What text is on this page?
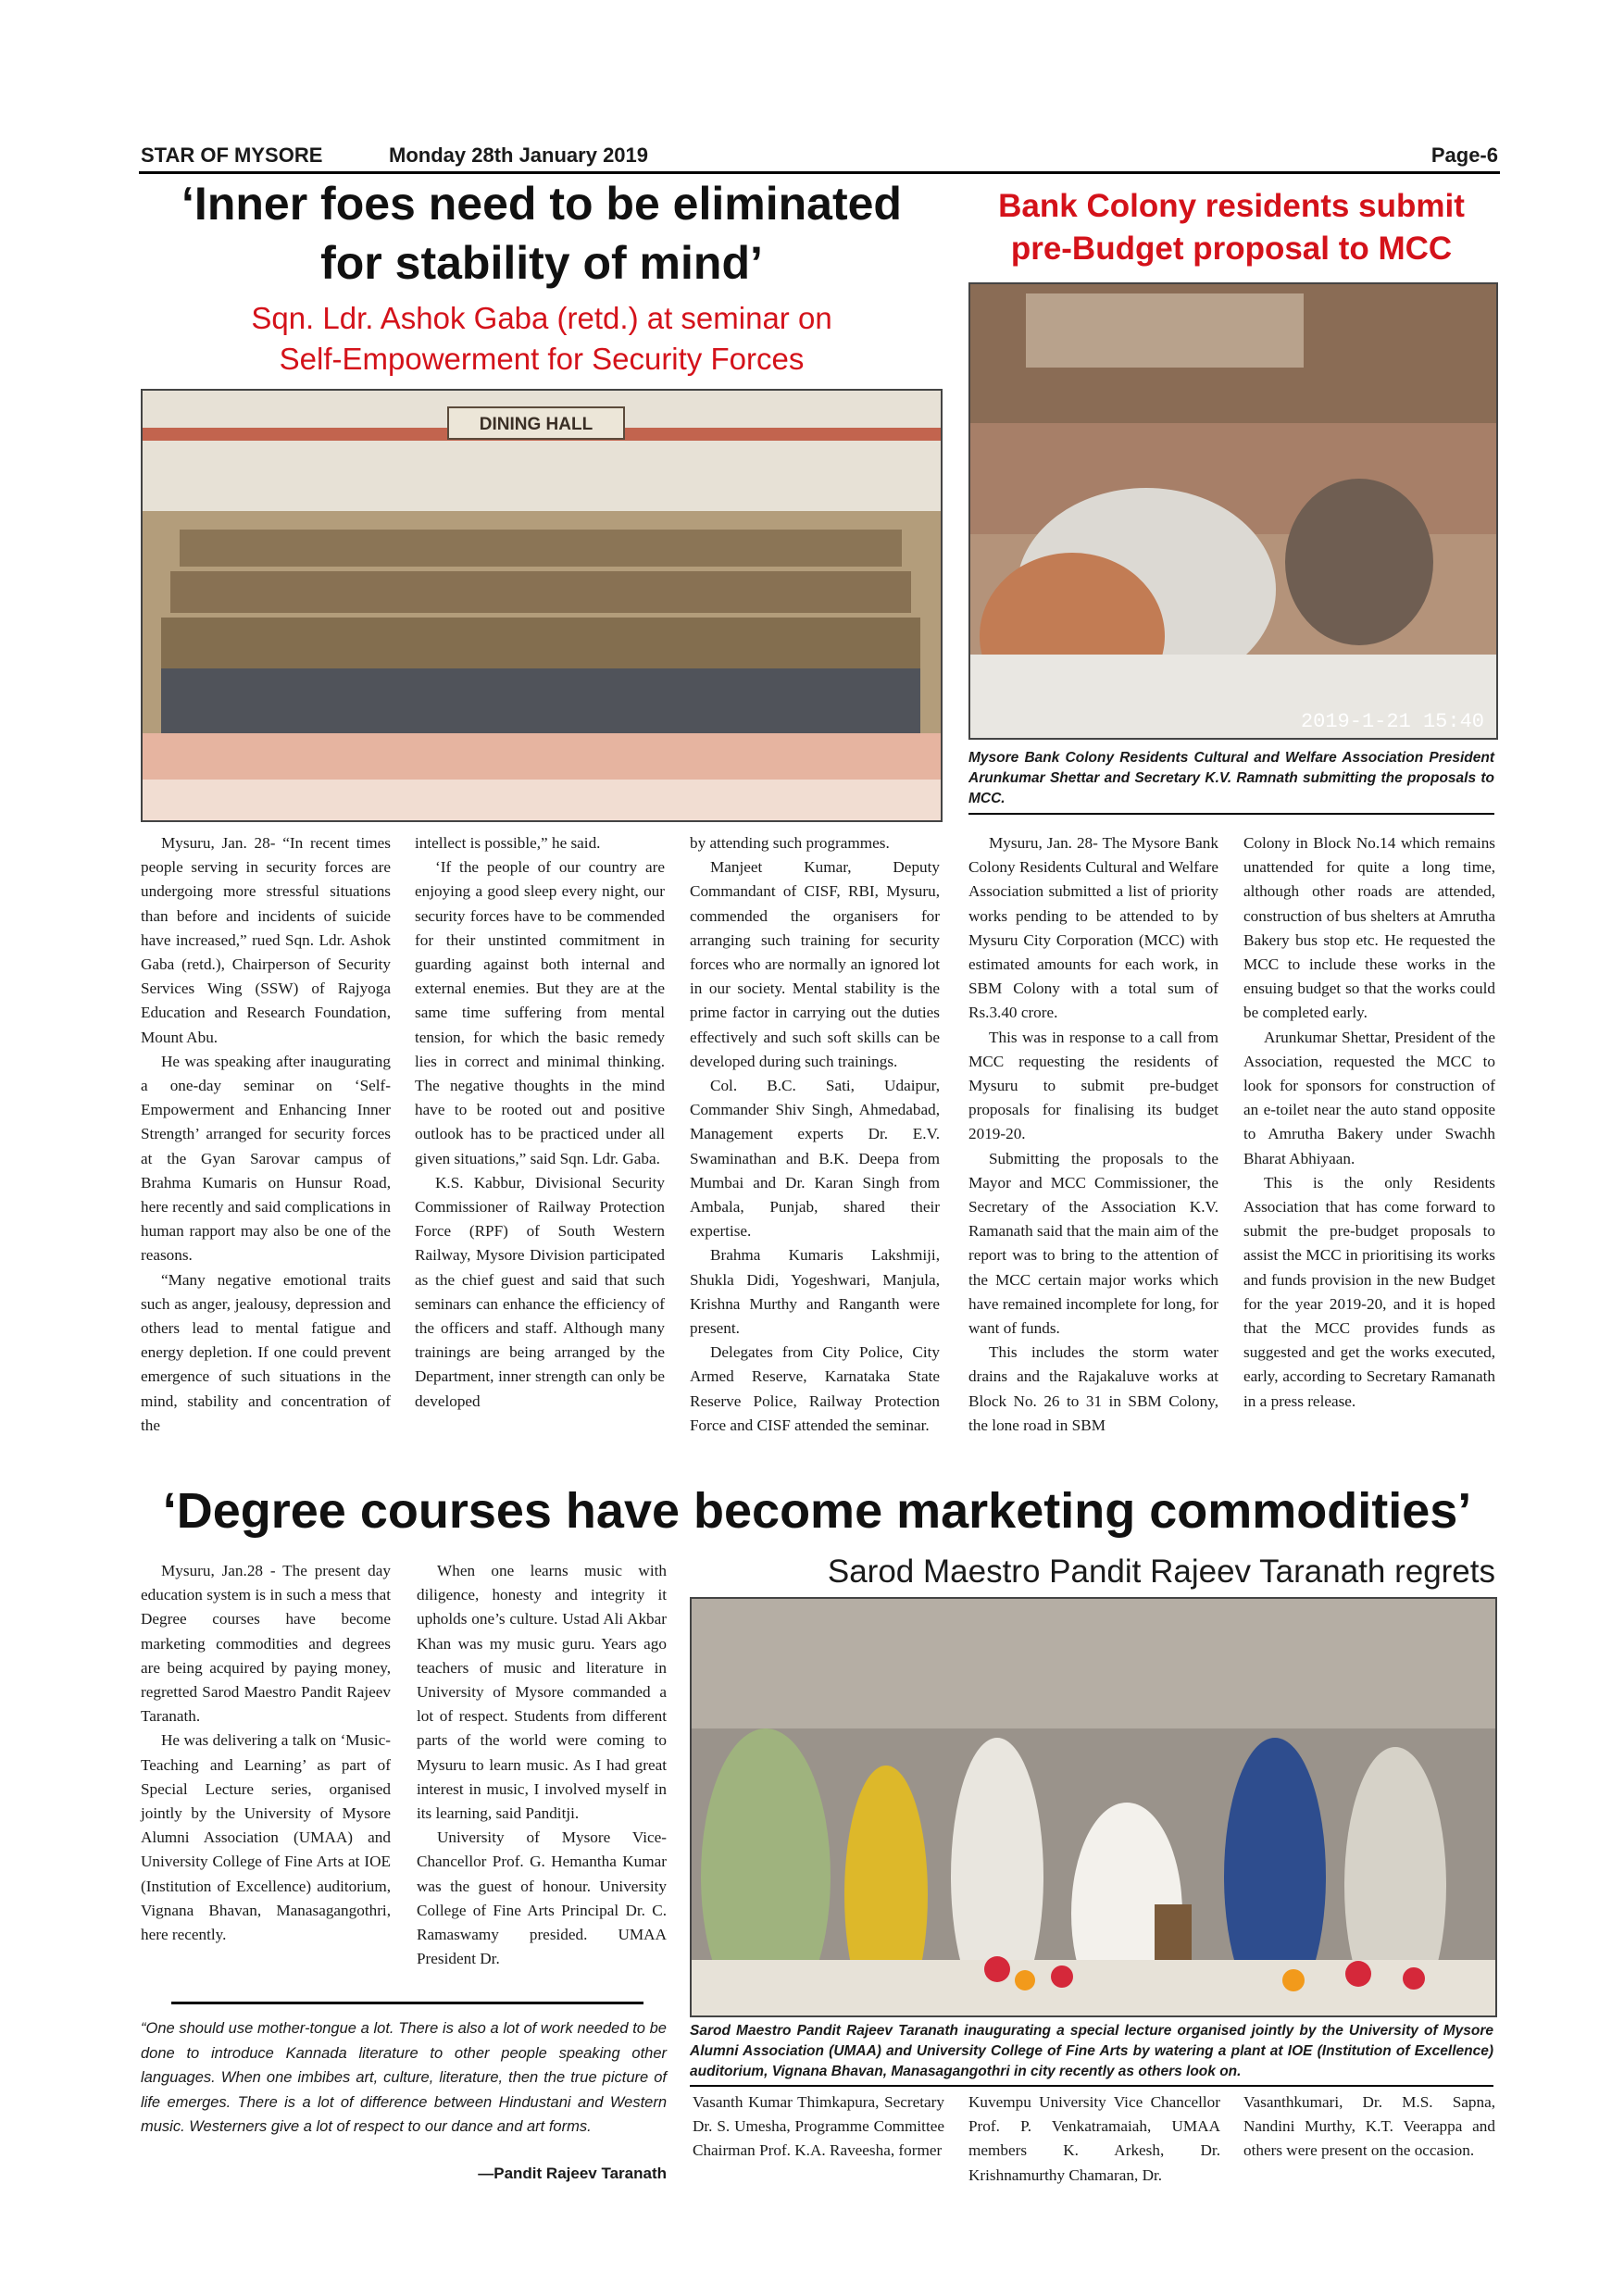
STAR OF MYSORE	Monday 28th January 2019	Page-6
‘Inner foes need to be eliminated
for stability of mind’
Sqn. Ldr. Ashok Gaba (retd.) at seminar on
Self-Empowerment for Security Forces
DINING HALL

Mysuru, Jan. 28- “In recent times people serving in security forces are undergoing more stressful situations than before and incidents of suicide have increased,” rued Sqn. Ldr. Ashok Gaba (retd.), Chairperson of Security Services Wing (SSW) of Rajyoga Education and Research Foundation, Mount Abu.

He was speaking after inaugurating a one-day seminar on ‘Self-Empowerment and Enhancing Inner Strength’ arranged for security forces at the Gyan Sarovar campus of Brahma Kumaris on Hunsur Road, here recently and said complications in human rapport may also be one of the reasons.

“Many negative emotional traits such as anger, jealousy, depression and others lead to mental fatigue and energy depletion. If one could prevent emergence of such situations in the mind, stability and concentration of the

intellect is possible,” he said.

‘If the people of our country are enjoying a good sleep every night, our security forces have to be commended for their unstinted commitment in guarding against both internal and external enemies. But they are at the same time suffering from mental tension, for which the basic remedy lies in correct and minimal thinking. The negative thoughts in the mind have to be rooted out and positive outlook has to be practiced under all given situations,” said Sqn. Ldr. Gaba.

K.S. Kabbur, Divisional Security Commissioner of Railway Protection Force (RPF) of South Western Railway, Mysore Division participated as the chief guest and said that such seminars can enhance the efficiency of the officers and staff. Although many trainings are being arranged by the Department, inner strength can only be developed

by attending such programmes.

Manjeet Kumar, Deputy Commandant of CISF, RBI, Mysuru, commended the organisers for arranging such training for security forces who are normally an ignored lot in our society. Mental stability is the prime factor in carrying out the duties effectively and such soft skills can be developed during such trainings.

Col. B.C. Sati, Udaipur, Commander Shiv Singh, Ahmedabad, Management experts Dr. E.V. Swaminathan and B.K. Deepa from Mumbai and Dr. Karan Singh from Ambala, Punjab, shared their expertise.

Brahma Kumaris Lakshmiji, Shukla Didi, Yogeshwari, Manjula, Krishna Murthy and Ranganth were present.

Delegates from City Police, City Armed Reserve, Karnataka State Reserve Police, Railway Protection Force and CISF attended the seminar.

Bank Colony residents submit
pre-Budget proposal to MCC
2019-1-21 15:40
Mysore Bank Colony Residents Cultural and Welfare Association President Arunkumar Shettar and Secretary K.V. Ramnath submitting the proposals to MCC.

Mysuru, Jan. 28- The Mysore Bank Colony Residents Cultural and Welfare Association submitted a list of priority works pending to be attended to by Mysuru City Corporation (MCC) with estimated amounts for each work, in SBM Colony with a total sum of Rs.3.40 crore.

This was in response to a call from MCC requesting the residents of Mysuru to submit pre-budget proposals for finalising its budget 2019-20.

Submitting the proposals to the Mayor and MCC Commissioner, the Secretary of the Association K.V. Ramanath said that the main aim of the report was to bring to the attention of the MCC certain major works which have remained incomplete for long, for want of funds.

This includes the storm water drains and the Rajakaluve works at Block No. 26 to 31 in SBM Colony, the lone road in SBM

Colony in Block No.14 which remains unattended for quite a long time, although other roads are attended, construction of bus shelters at Amrutha Bakery bus stop etc. He requested the MCC to include these works in the ensuing budget so that the works could be completed early.

Arunkumar Shettar, President of the Association, requested the MCC to look for sponsors for construction of an e-toilet near the auto stand opposite to Amrutha Bakery under Swachh Bharat Abhiyaan.

This is the only Residents Association that has come forward to submit the pre-budget proposals to assist the MCC in prioritising its works and funds provision in the new Budget for the year 2019-20, and it is hoped that the MCC provides funds as suggested and get the works executed, early, according to Secretary Ramanath in a press release.

‘Degree courses have become marketing commodities’
Sarod Maestro Pandit Rajeev Taranath regrets

Mysuru, Jan.28 - The present day education system is in such a mess that Degree courses have become marketing commodities and degrees are being acquired by paying money, regretted Sarod Maestro Pandit Rajeev Taranath.

He was delivering a talk on ‘Music-Teaching and Learning’ as part of Special Lecture series, organised jointly by the University of Mysore Alumni Association (UMAA) and University College of Fine Arts at IOE (Institution of Excellence) auditorium, Vignana Bhavan, Manasagangothri, here recently.

When one learns music with diligence, honesty and integrity it upholds one’s culture. Ustad Ali Akbar Khan was my music guru. Years ago teachers of music and literature in University of Mysore commanded a lot of respect. Students from different parts of the world were coming to Mysuru to learn music. As I had great interest in music, I involved myself in its learning, said Panditji.

University of Mysore Vice-Chancellor Prof. G. Hemantha Kumar was the guest of honour. University College of Fine Arts Principal Dr. C. Ramaswamy presided. UMAA President Dr.

“One should use mother-tongue a lot. There is also a lot of work needed to be done to introduce Kannada literature to other people speaking other languages. When one imbibes art, culture, literature, then the true picture of life emerges. There is a lot of difference between Hindustani and Western music. Westerners give a lot of respect to our dance and art forms.
—Pandit Rajeev Taranath
Sarod Maestro Pandit Rajeev Taranath inaugurating a special lecture organised jointly by the University of Mysore Alumni Association (UMAA) and University College of Fine Arts by watering a plant at IOE (Institution of Excellence) auditorium, Vignana Bhavan, Manasagangothri in city recently as others look on.

Vasanth Kumar Thimkapura, Secretary Dr. S. Umesha, Programme Committee Chairman Prof. K.A. Raveesha, former

Kuvempu University Vice Chancellor Prof. P. Venkatramaiah, UMAA members K. Arkesh, Dr. Krishnamurthy Chamaran, Dr.

Vasanthkumari, Dr. M.S. Sapna, Nandini Murthy, K.T. Veerappa and others were present on the occasion.
